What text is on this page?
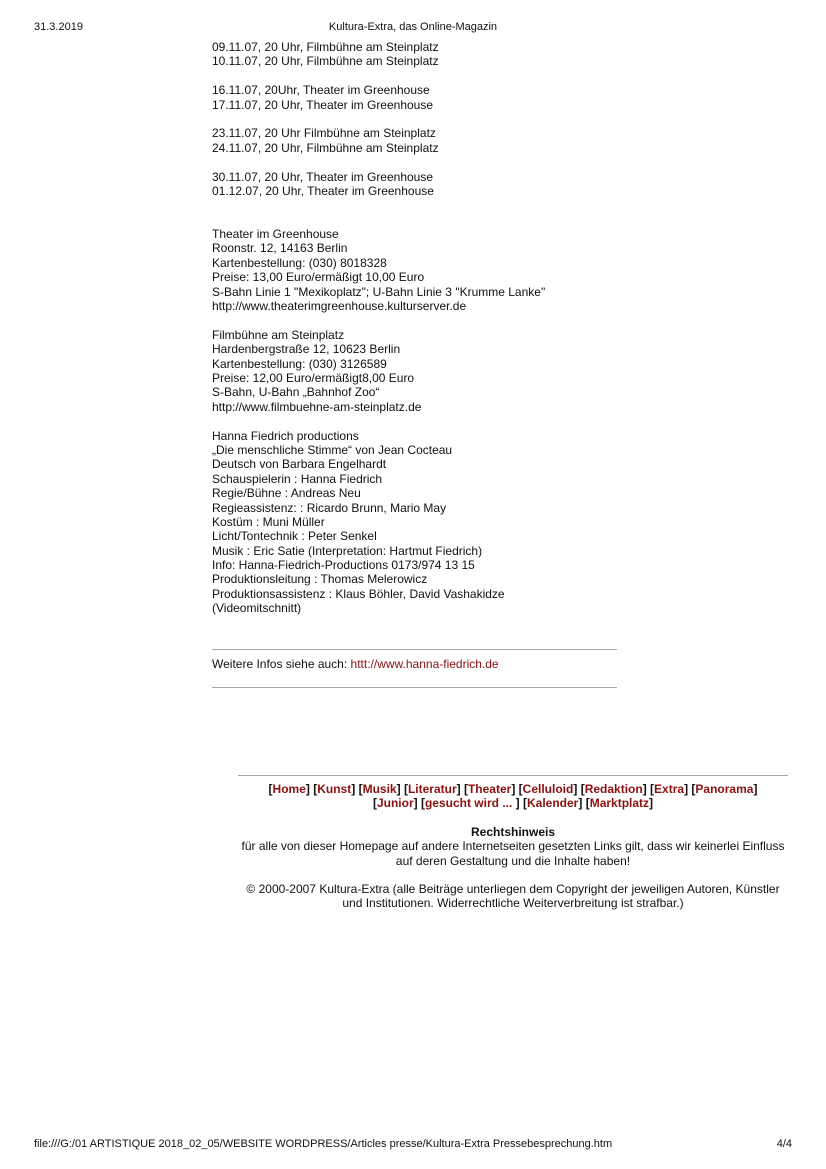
31.3.2019	Kultura-Extra, das Online-Magazin
09.11.07, 20 Uhr, Filmbühne am Steinplatz
10.11.07, 20 Uhr, Filmbühne am Steinplatz
16.11.07, 20Uhr, Theater im Greenhouse
17.11.07, 20 Uhr, Theater im Greenhouse
23.11.07, 20 Uhr Filmbühne am Steinplatz
24.11.07, 20 Uhr, Filmbühne am Steinplatz
30.11.07, 20 Uhr, Theater im Greenhouse
01.12.07, 20 Uhr, Theater im Greenhouse
Theater im Greenhouse
Roonstr. 12, 14163 Berlin
Kartenbestellung: (030) 8018328
Preise: 13,00 Euro/ermäßigt 10,00 Euro
S-Bahn Linie 1 "Mexikoplatz"; U-Bahn Linie 3 "Krumme Lanke"
http://www.theaterimgreenhouse.kulturserver.de
Filmbühne am Steinplatz
Hardenbergstraße 12, 10623 Berlin
Kartenbestellung: (030) 3126589
Preise: 12,00 Euro/ermäßigt8,00 Euro
S-Bahn, U-Bahn „Bahnhof Zoo“
http://www.filmbuehne-am-steinplatz.de
Hanna Fiedrich productions
„Die menschliche Stimme“ von Jean Cocteau
Deutsch von Barbara Engelhardt
Schauspielerin : Hanna Fiedrich
Regie/Bühne : Andreas Neu
Regieassistenz: : Ricardo Brunn, Mario May
Kostüm : Muni Müller
Licht/Tontechnik : Peter Senkel
Musik : Eric Satie (Interpretation: Hartmut Fiedrich)
Info: Hanna-Fiedrich-Productions 0173/974 13 15
Produktionsleitung : Thomas Melerowicz
Produktionsassistenz : Klaus Böhler, David Vashakidze
(Videomitschnitt)
Weitere Infos siehe auch: httt://www.hanna-fiedrich.de
[Home] [Kunst] [Musik] [Literatur] [Theater] [Celluloid] [Redaktion] [Extra] [Panorama]
[Junior] [gesucht wird ... ] [Kalender] [Marktplatz]
Rechtshinweis

für alle von dieser Homepage auf andere Internetseiten gesetzten Links gilt, dass wir keinerlei Einfluss auf deren Gestaltung und die Inhalte haben!

© 2000-2007 Kultura-Extra (alle Beiträge unterliegen dem Copyright der jeweiligen Autoren, Künstler und Institutionen. Widerrechtliche Weiterverbreitung ist strafbar.)

file:///G:/01 ARTISTIQUE 2018_02_05/WEBSITE WORDPRESS/Articles presse/Kultura-Extra Pressebesprechung.htm	4/4
